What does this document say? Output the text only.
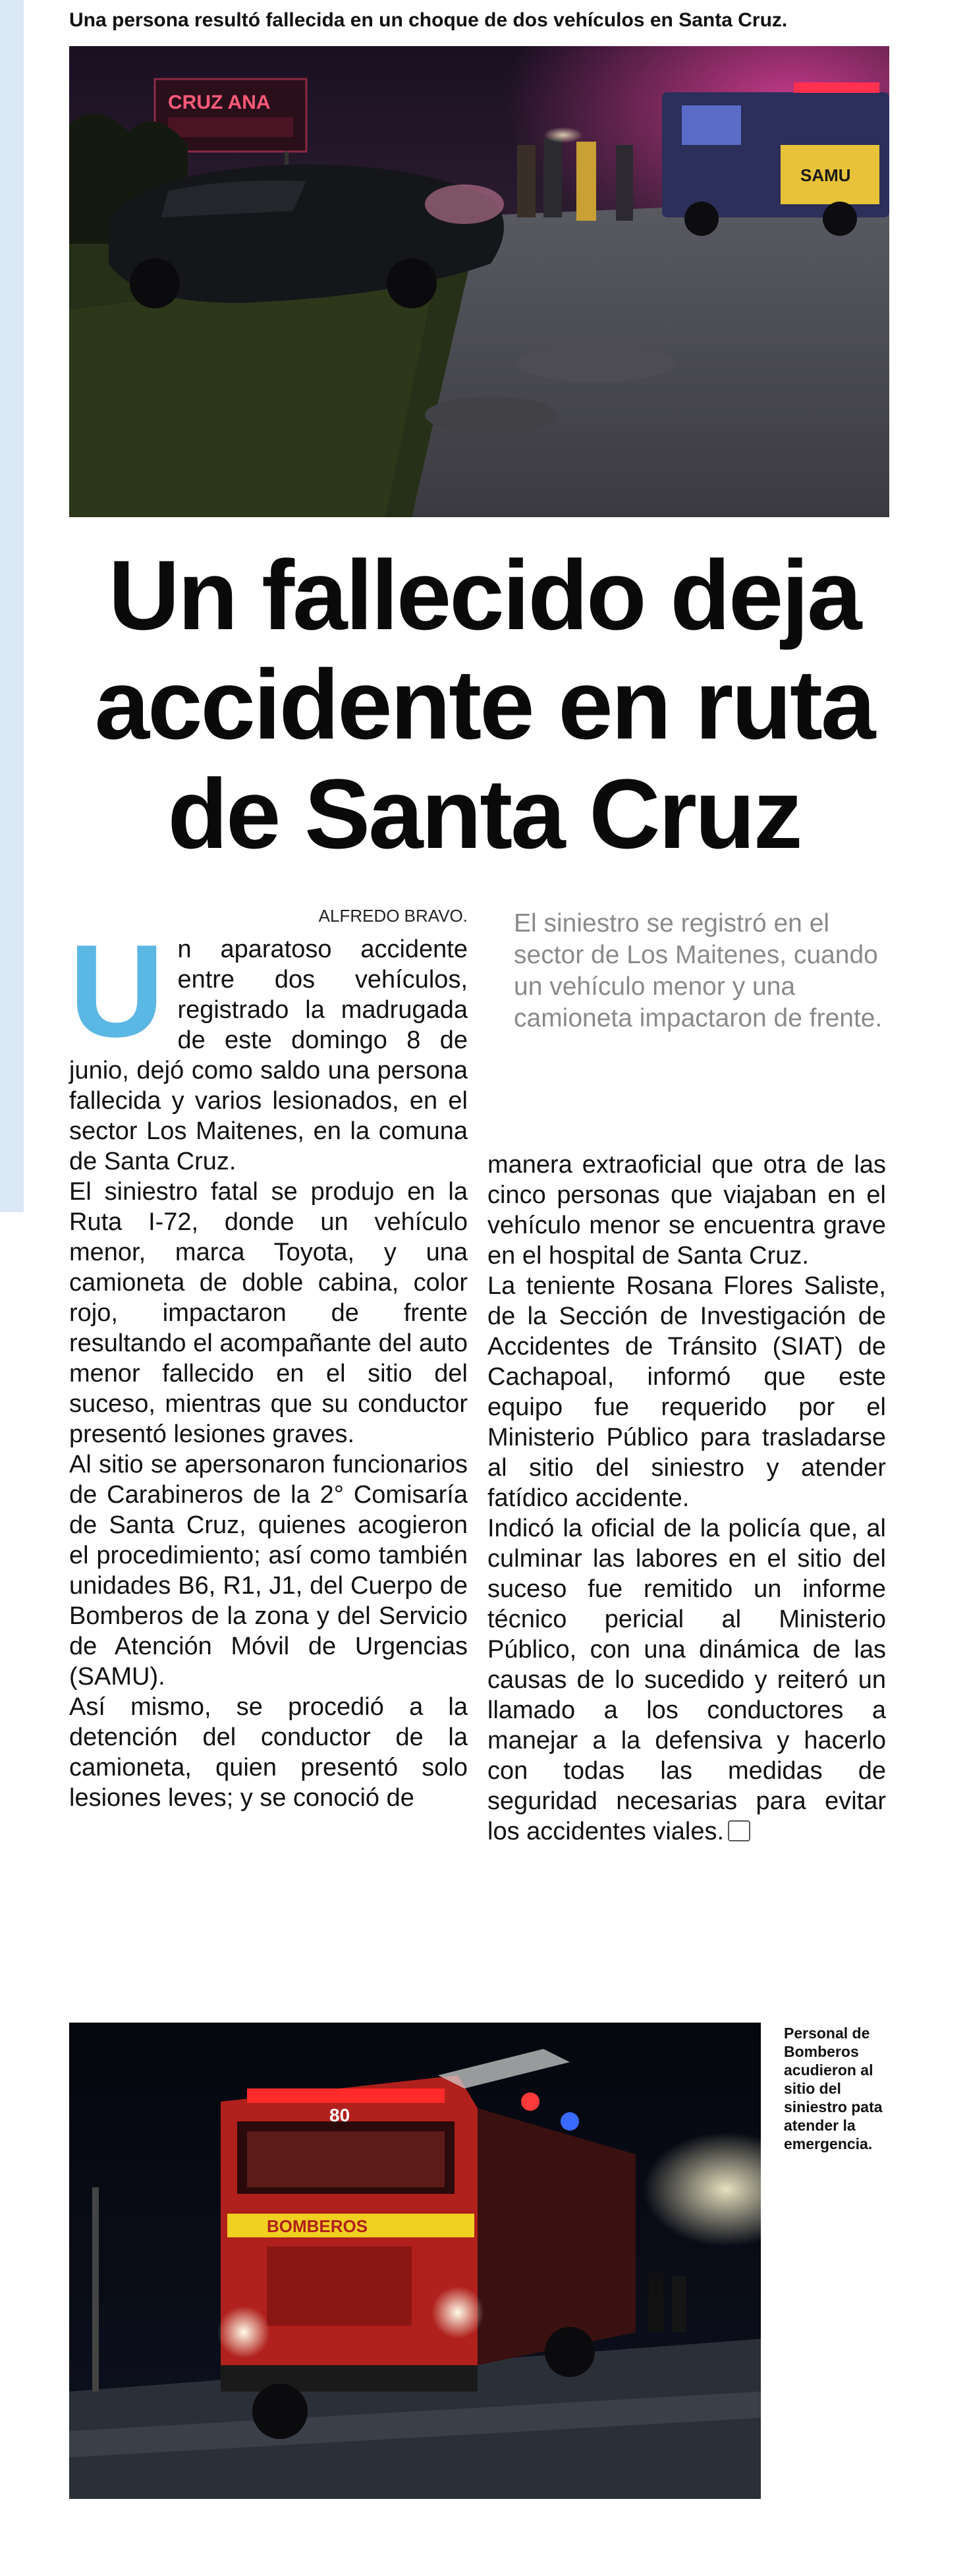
Una persona resultó fallecida en un choque de dos vehículos en Santa Cruz.
CRUZ ANA
SAMU
Un fallecido deja
accidente en ruta
de Santa Cruz
ALFREDO BRAVO. El siniestro se registró en el sector de Los Maitenes, cuando un vehículo menor y una camioneta impactaron de frente.
U n aparatoso accidente entre dos vehículos, registrado la madrugada de este domingo 8 de junio, dejó como saldo una persona fallecida y varios lesionados, en el sector Los Maitenes, en la comuna de Santa Cruz.

El siniestro fatal se produjo en la Ruta I-72, donde un vehículo menor, marca Toyota, y una camioneta de doble cabina, color rojo, impactaron de frente resultando el acompañante del auto menor fallecido en el sitio del suceso, mientras que su conductor presentó lesiones graves.

Al sitio se apersonaron funcionarios de Carabineros de la 2° Comisaría de Santa Cruz, quienes acogieron el procedimiento; así como también unidades B6, R1, J1, del Cuerpo de Bomberos de la zona y del Servicio de Atención Móvil de Urgencias (SAMU).

Así mismo, se procedió a la detención del conductor de la camioneta, quien presentó solo lesiones leves; y se conoció de

manera extraoficial que otra de las cinco personas que viajaban en el vehículo menor se encuentra grave en el hospital de Santa Cruz.

La teniente Rosana Flores Saliste, de la Sección de Investigación de Accidentes de Tránsito (SIAT) de Cachapoal, informó que este equipo fue requerido por el Ministerio Público para trasladarse al sitio del siniestro y atender fatídico accidente.

Indicó la oficial de la policía que, al culminar las labores en el sitio del suceso fue remitido un informe técnico pericial al Ministerio Público, con una dinámica de las causas de lo sucedido y reiteró un llamado a los conductores a manejar a la defensiva y hacerlo con todas las medidas de seguridad necesarias para evitar los accidentes viales.

80
BOMBEROS
Personal de Bomberos acudieron al sitio del siniestro pata atender la emergencia.
